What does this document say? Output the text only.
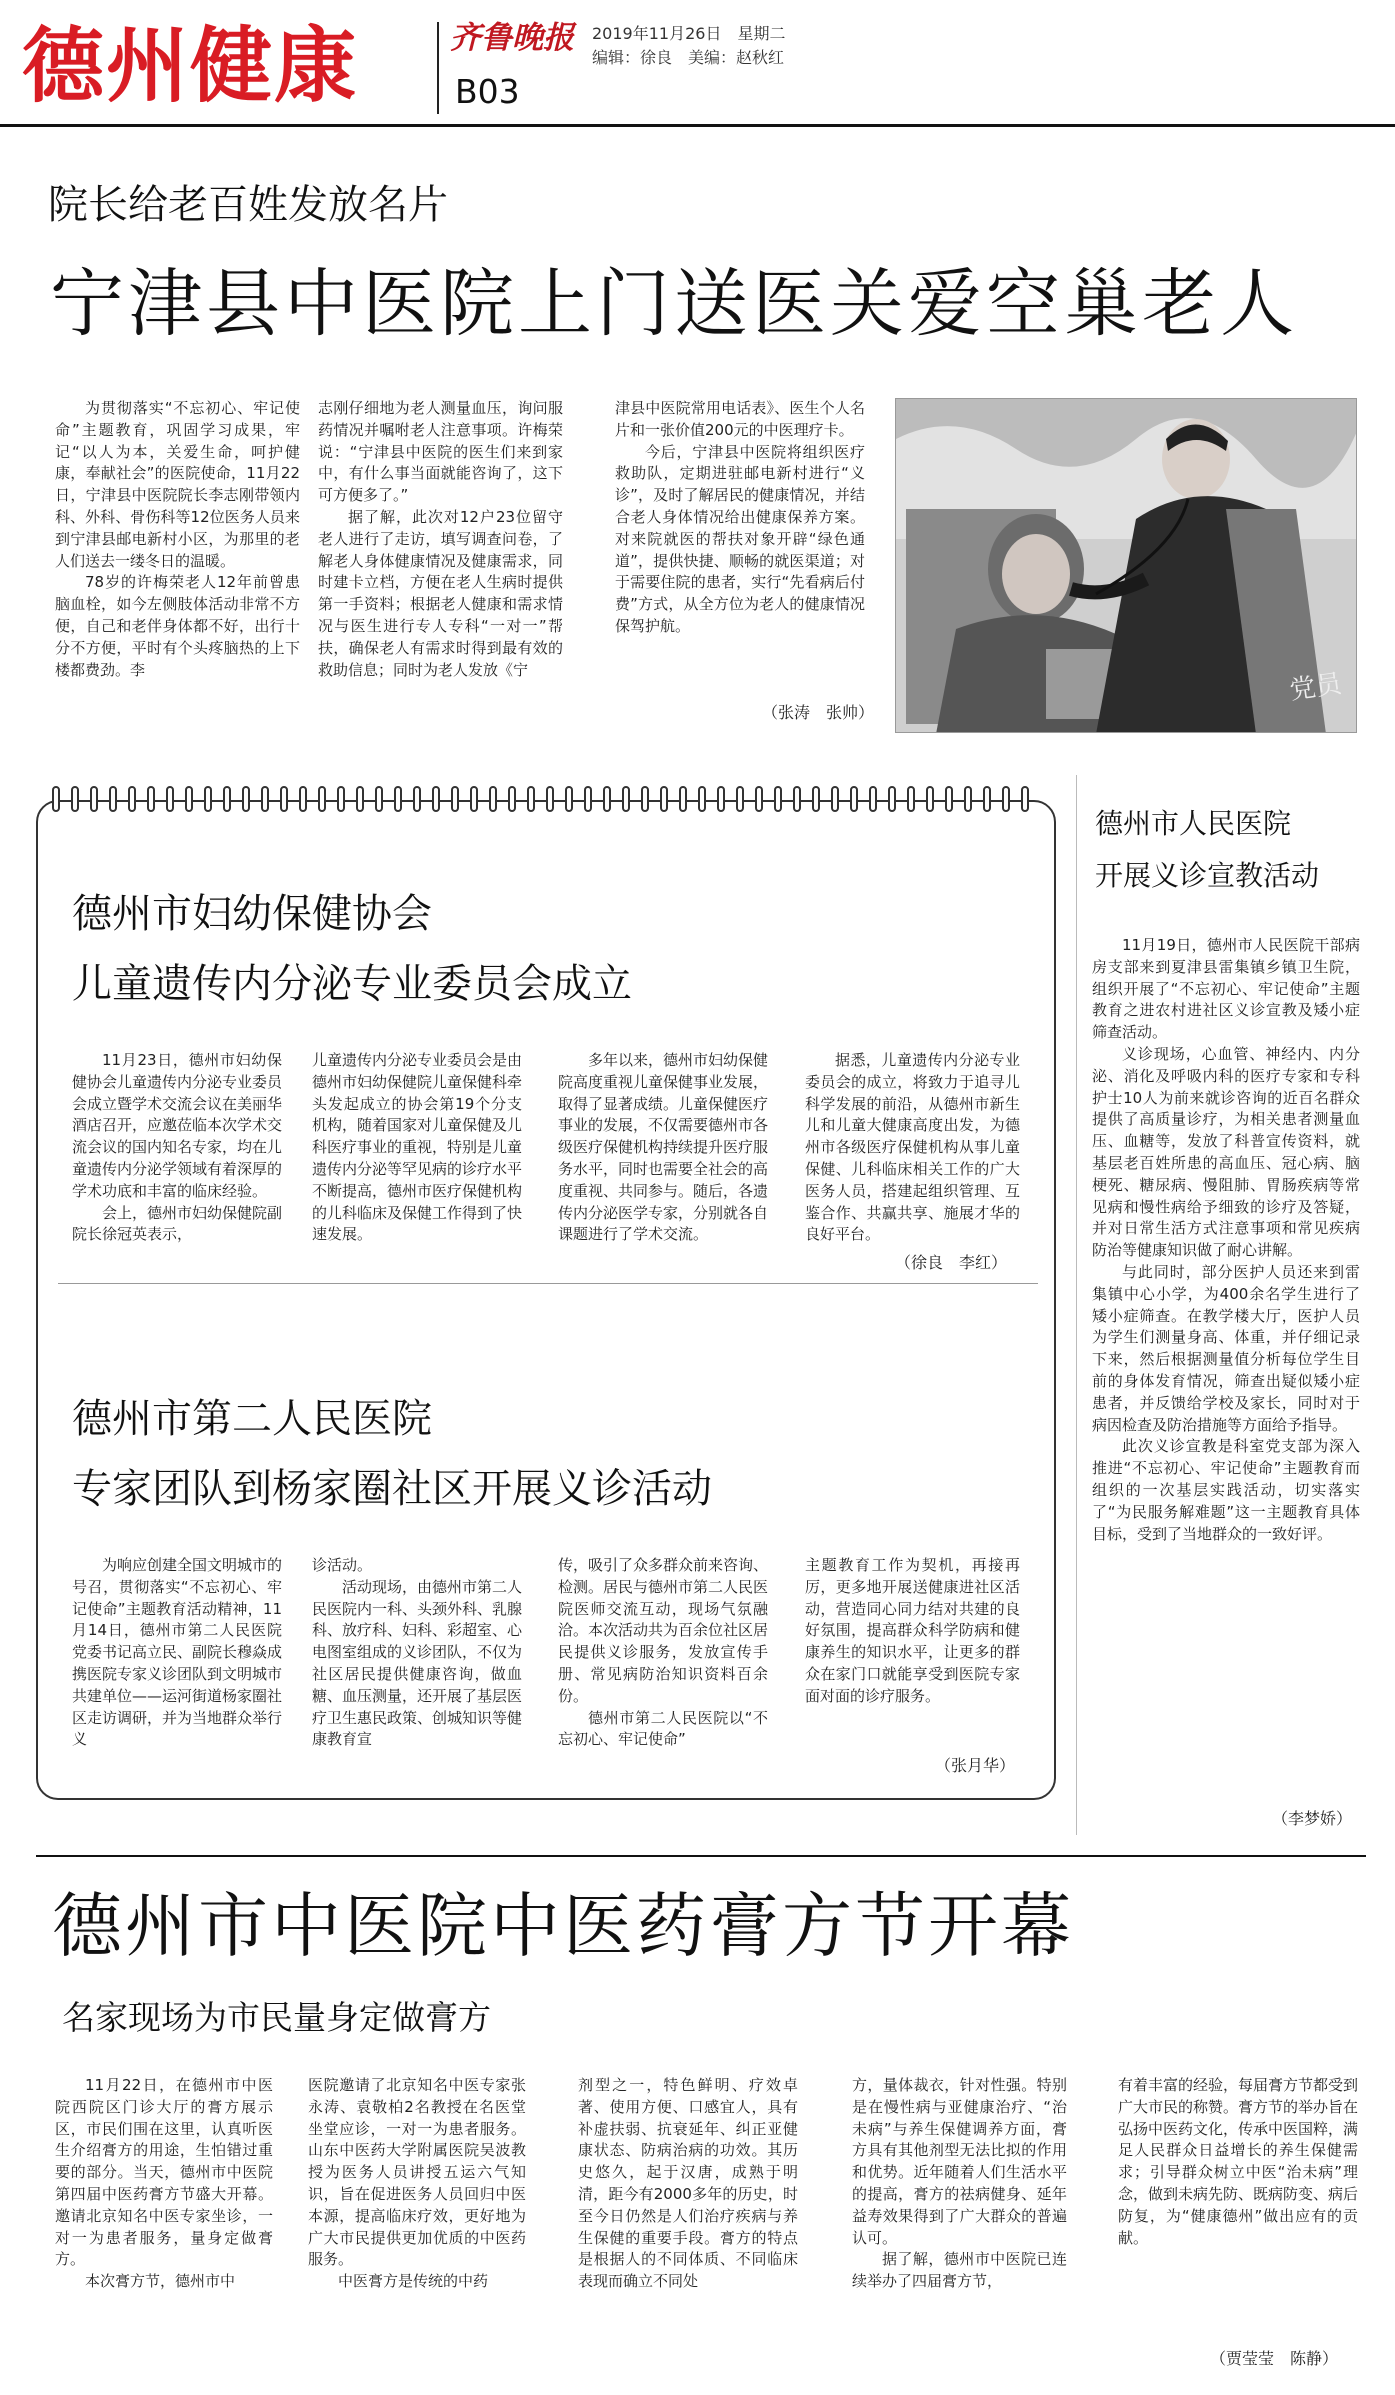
德州健康	齐鲁晚报
B03
2019年11月26日　星期二
编辑：徐良　美编：赵秋红
院长给老百姓发放名片
宁津县中医院上门送医关爱空巢老人

为贯彻落实“不忘初心、牢记使命”主题教育，巩固学习成果，牢记“以人为本，关爱生命，呵护健康，奉献社会”的医院使命，11月22日，宁津县中医院院长李志刚带领内科、外科、骨伤科等12位医务人员来到宁津县邮电新村小区，为那里的老人们送去一缕冬日的温暖。

78岁的许梅荣老人12年前曾患脑血栓，如今左侧肢体活动非常不方便，自己和老伴身体都不好，出行十分不方便，平时有个头疼脑热的上下楼都费劲。李

志刚仔细地为老人测量血压，询问服药情况并嘱咐老人注意事项。许梅荣说：“宁津县中医院的医生们来到家中，有什么事当面就能咨询了，这下可方便多了。”

据了解，此次对12户23位留守老人进行了走访，填写调查问卷，了解老人身体健康情况及健康需求，同时建卡立档，方便在老人生病时提供第一手资料；根据老人健康和需求情况与医生进行专人专科“一对一”帮扶，确保老人有需求时得到最有效的救助信息；同时为老人发放《宁

津县中医院常用电话表》、医生个人名片和一张价值200元的中医理疗卡。

今后，宁津县中医院将组织医疗救助队，定期进驻邮电新村进行“义诊”，及时了解居民的健康情况，并结合老人身体情况给出健康保养方案。对来院就医的帮扶对象开辟“绿色通道”，提供快捷、顺畅的就医渠道；对于需要住院的患者，实行“先看病后付费”方式，从全方位为老人的健康情况保驾护航。

（张涛　张帅）
党员
德州市妇幼保健协会
儿童遗传内分泌专业委员会成立

11月23日，德州市妇幼保健协会儿童遗传内分泌专业委员会成立暨学术交流会议在美丽华酒店召开，应邀莅临本次学术交流会议的国内知名专家，均在儿童遗传内分泌学领域有着深厚的学术功底和丰富的临床经验。

会上，德州市妇幼保健院副院长徐冠英表示，

儿童遗传内分泌专业委员会是由德州市妇幼保健院儿童保健科牵头发起成立的协会第19个分支机构，随着国家对儿童保健及儿科医疗事业的重视，特别是儿童遗传内分泌等罕见病的诊疗水平不断提高，德州市医疗保健机构的儿科临床及保健工作得到了快速发展。

多年以来，德州市妇幼保健院高度重视儿童保健事业发展，取得了显著成绩。儿童保健医疗事业的发展，不仅需要德州市各级医疗保健机构持续提升医疗服务水平，同时也需要全社会的高度重视、共同参与。随后，各遗传内分泌医学专家，分别就各自课题进行了学术交流。

据悉，儿童遗传内分泌专业委员会的成立，将致力于追寻儿科学发展的前沿，从德州市新生儿和儿童大健康高度出发，为德州市各级医疗保健机构从事儿童保健、儿科临床相关工作的广大医务人员，搭建起组织管理、互鉴合作、共赢共享、施展才华的良好平台。

（徐良　李红）
德州市第二人民医院
专家团队到杨家圈社区开展义诊活动

为响应创建全国文明城市的号召，贯彻落实“不忘初心、牢记使命”主题教育活动精神，11月14日，德州市第二人民医院党委书记高立民、副院长穆焱成携医院专家义诊团队到文明城市共建单位——运河街道杨家圈社区走访调研，并为当地群众举行义

诊活动。

活动现场，由德州市第二人民医院内一科、头颈外科、乳腺科、放疗科、妇科、彩超室、心电图室组成的义诊团队，不仅为社区居民提供健康咨询，做血糖、血压测量，还开展了基层医疗卫生惠民政策、创城知识等健康教育宣

传，吸引了众多群众前来咨询、检测。居民与德州市第二人民医院医师交流互动，现场气氛融洽。本次活动共为百余位社区居民提供义诊服务，发放宣传手册、常见病防治知识资料百余份。

德州市第二人民医院以“不忘初心、牢记使命”

主题教育工作为契机，再接再厉，更多地开展送健康进社区活动，营造同心同力结对共建的良好氛围，提高群众科学防病和健康养生的知识水平，让更多的群众在家门口就能享受到医院专家面对面的诊疗服务。

（张月华）
德州市人民医院
开展义诊宣教活动

11月19日，德州市人民医院干部病房支部来到夏津县雷集镇乡镇卫生院，组织开展了“不忘初心、牢记使命”主题教育之进农村进社区义诊宣教及矮小症筛查活动。

义诊现场，心血管、神经内、内分泌、消化及呼吸内科的医疗专家和专科护士10人为前来就诊咨询的近百名群众提供了高质量诊疗，为相关患者测量血压、血糖等，发放了科普宣传资料，就基层老百姓所患的高血压、冠心病、脑梗死、糖尿病、慢阻肺、胃肠疾病等常见病和慢性病给予细致的诊疗及答疑，并对日常生活方式注意事项和常见疾病防治等健康知识做了耐心讲解。

与此同时，部分医护人员还来到雷集镇中心小学，为400余名学生进行了矮小症筛查。在教学楼大厅，医护人员为学生们测量身高、体重，并仔细记录下来，然后根据测量值分析每位学生目前的身体发育情况，筛查出疑似矮小症患者，并反馈给学校及家长，同时对于病因检查及防治措施等方面给予指导。

此次义诊宣教是科室党支部为深入推进“不忘初心、牢记使命”主题教育而组织的一次基层实践活动，切实落实了“为民服务解难题”这一主题教育具体目标，受到了当地群众的一致好评。

（李梦娇）
德州市中医院中医药膏方节开幕
名家现场为市民量身定做膏方

11月22日，在德州市中医院西院区门诊大厅的膏方展示区，市民们围在这里，认真听医生介绍膏方的用途，生怕错过重要的部分。当天，德州市中医院第四届中医药膏方节盛大开幕。邀请北京知名中医专家坐诊，一对一为患者服务，量身定做膏方。

本次膏方节，德州市中

医院邀请了北京知名中医专家张永涛、袁敬柏2名教授在名医堂坐堂应诊，一对一为患者服务。山东中医药大学附属医院吴波教授为医务人员讲授五运六气知识，旨在促进医务人员回归中医本源，提高临床疗效，更好地为广大市民提供更加优质的中医药服务。

中医膏方是传统的中药

剂型之一，特色鲜明、疗效卓著、使用方便、口感宜人，具有补虚扶弱、抗衰延年、纠正亚健康状态、防病治病的功效。其历史悠久，起于汉唐，成熟于明清，距今有2000多年的历史，时至今日仍然是人们治疗疾病与养生保健的重要手段。膏方的特点是根据人的不同体质、不同临床表现而确立不同处

方，量体裁衣，针对性强。特别是在慢性病与亚健康治疗、“治未病”与养生保健调养方面，膏方具有其他剂型无法比拟的作用和优势。近年随着人们生活水平的提高，膏方的祛病健身、延年益寿效果得到了广大群众的普遍认可。

据了解，德州市中医院已连续举办了四届膏方节，

有着丰富的经验，每届膏方节都受到广大市民的称赞。膏方节的举办旨在弘扬中医药文化，传承中医国粹，满足人民群众日益增长的养生保健需求；引导群众树立中医“治未病”理念，做到未病先防、既病防变、病后防复，为“健康德州”做出应有的贡献。

（贾莹莹　陈静）
